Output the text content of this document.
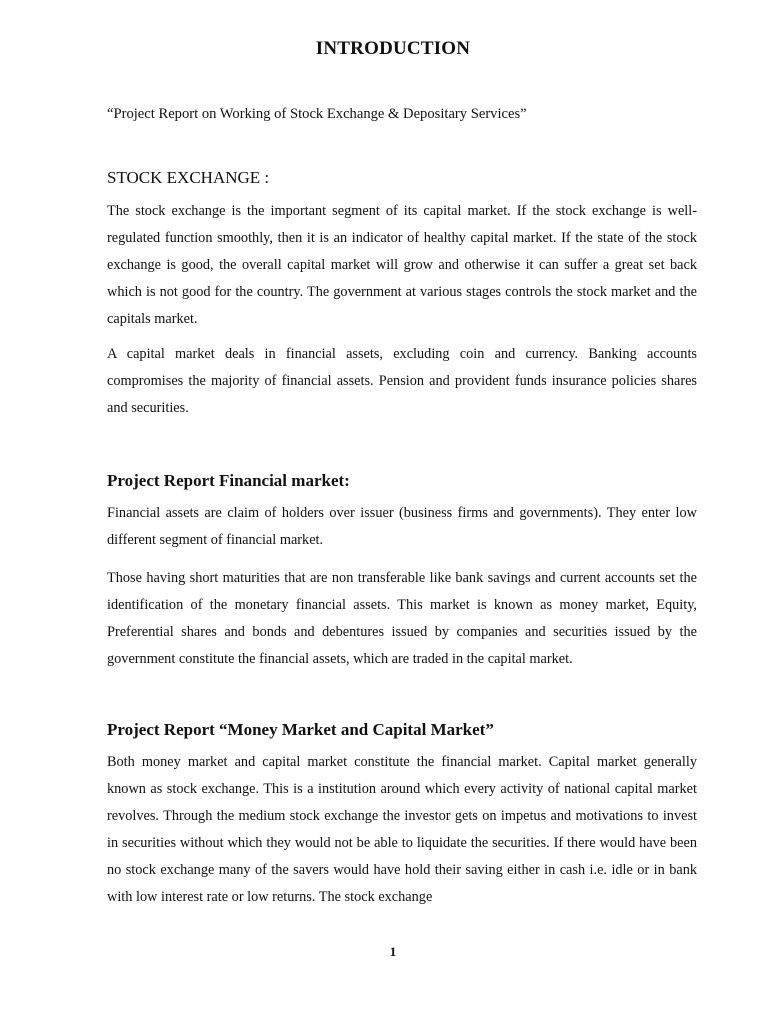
INTRODUCTION
“Project Report on Working of Stock Exchange & Depositary Services”
STOCK EXCHANGE :

The stock exchange is the important segment of its capital market. If the stock exchange is well-regulated function smoothly, then it is an indicator of healthy capital market. If the state of the stock exchange is good, the overall capital market will grow and otherwise it can suffer a great set back which is not good for the country. The government at various stages controls the stock market and the capitals market.

A capital market deals in financial assets, excluding coin and currency. Banking accounts compromises the majority of financial assets. Pension and provident funds insurance policies shares and securities.

Project Report Financial market:

Financial assets are claim of holders over issuer (business firms and governments). They enter low different segment of financial market.

Those having short maturities that are non transferable like bank savings and current accounts set the identification of the monetary financial assets. This market is known as money market, Equity, Preferential shares and bonds and debentures issued by companies and securities issued by the government constitute the financial assets, which are traded in the capital market.

Project Report “Money Market and Capital Market”

Both money market and capital market constitute the financial market. Capital market generally known as stock exchange. This is a institution around which every activity of national capital market revolves. Through the medium stock exchange the investor gets on impetus and motivations to invest in securities without which they would not be able to liquidate the securities. If there would have been no stock exchange many of the savers would have hold their saving either in cash i.e. idle or in bank with low interest rate or low returns. The stock exchange

1
